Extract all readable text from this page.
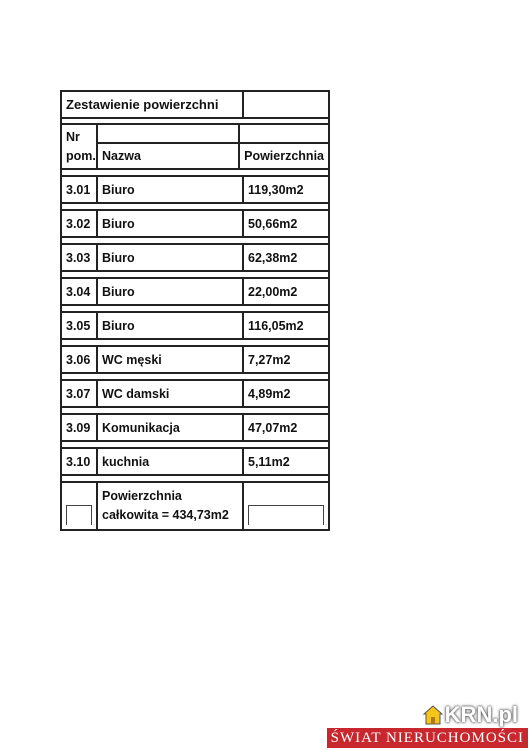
Zestawienie powierzchni
Nr
pom. Nazwa	Powierzchnia
3.01 Biuro	119,30m2
3.02 Biuro	50,66m2
3.03 Biuro	62,38m2
3.04 Biuro	22,00m2
3.05 Biuro	116,05m2
3.06 WC męski	7,27m2
3.07 WC damski	4,89m2
3.09 Komunikacja	47,07m2
3.10 kuchnia	5,11m2
Powierzchnia
całkowita = 434,73m2
KRN.pl
ŚWIAT NIERUCHOMOŚCI
